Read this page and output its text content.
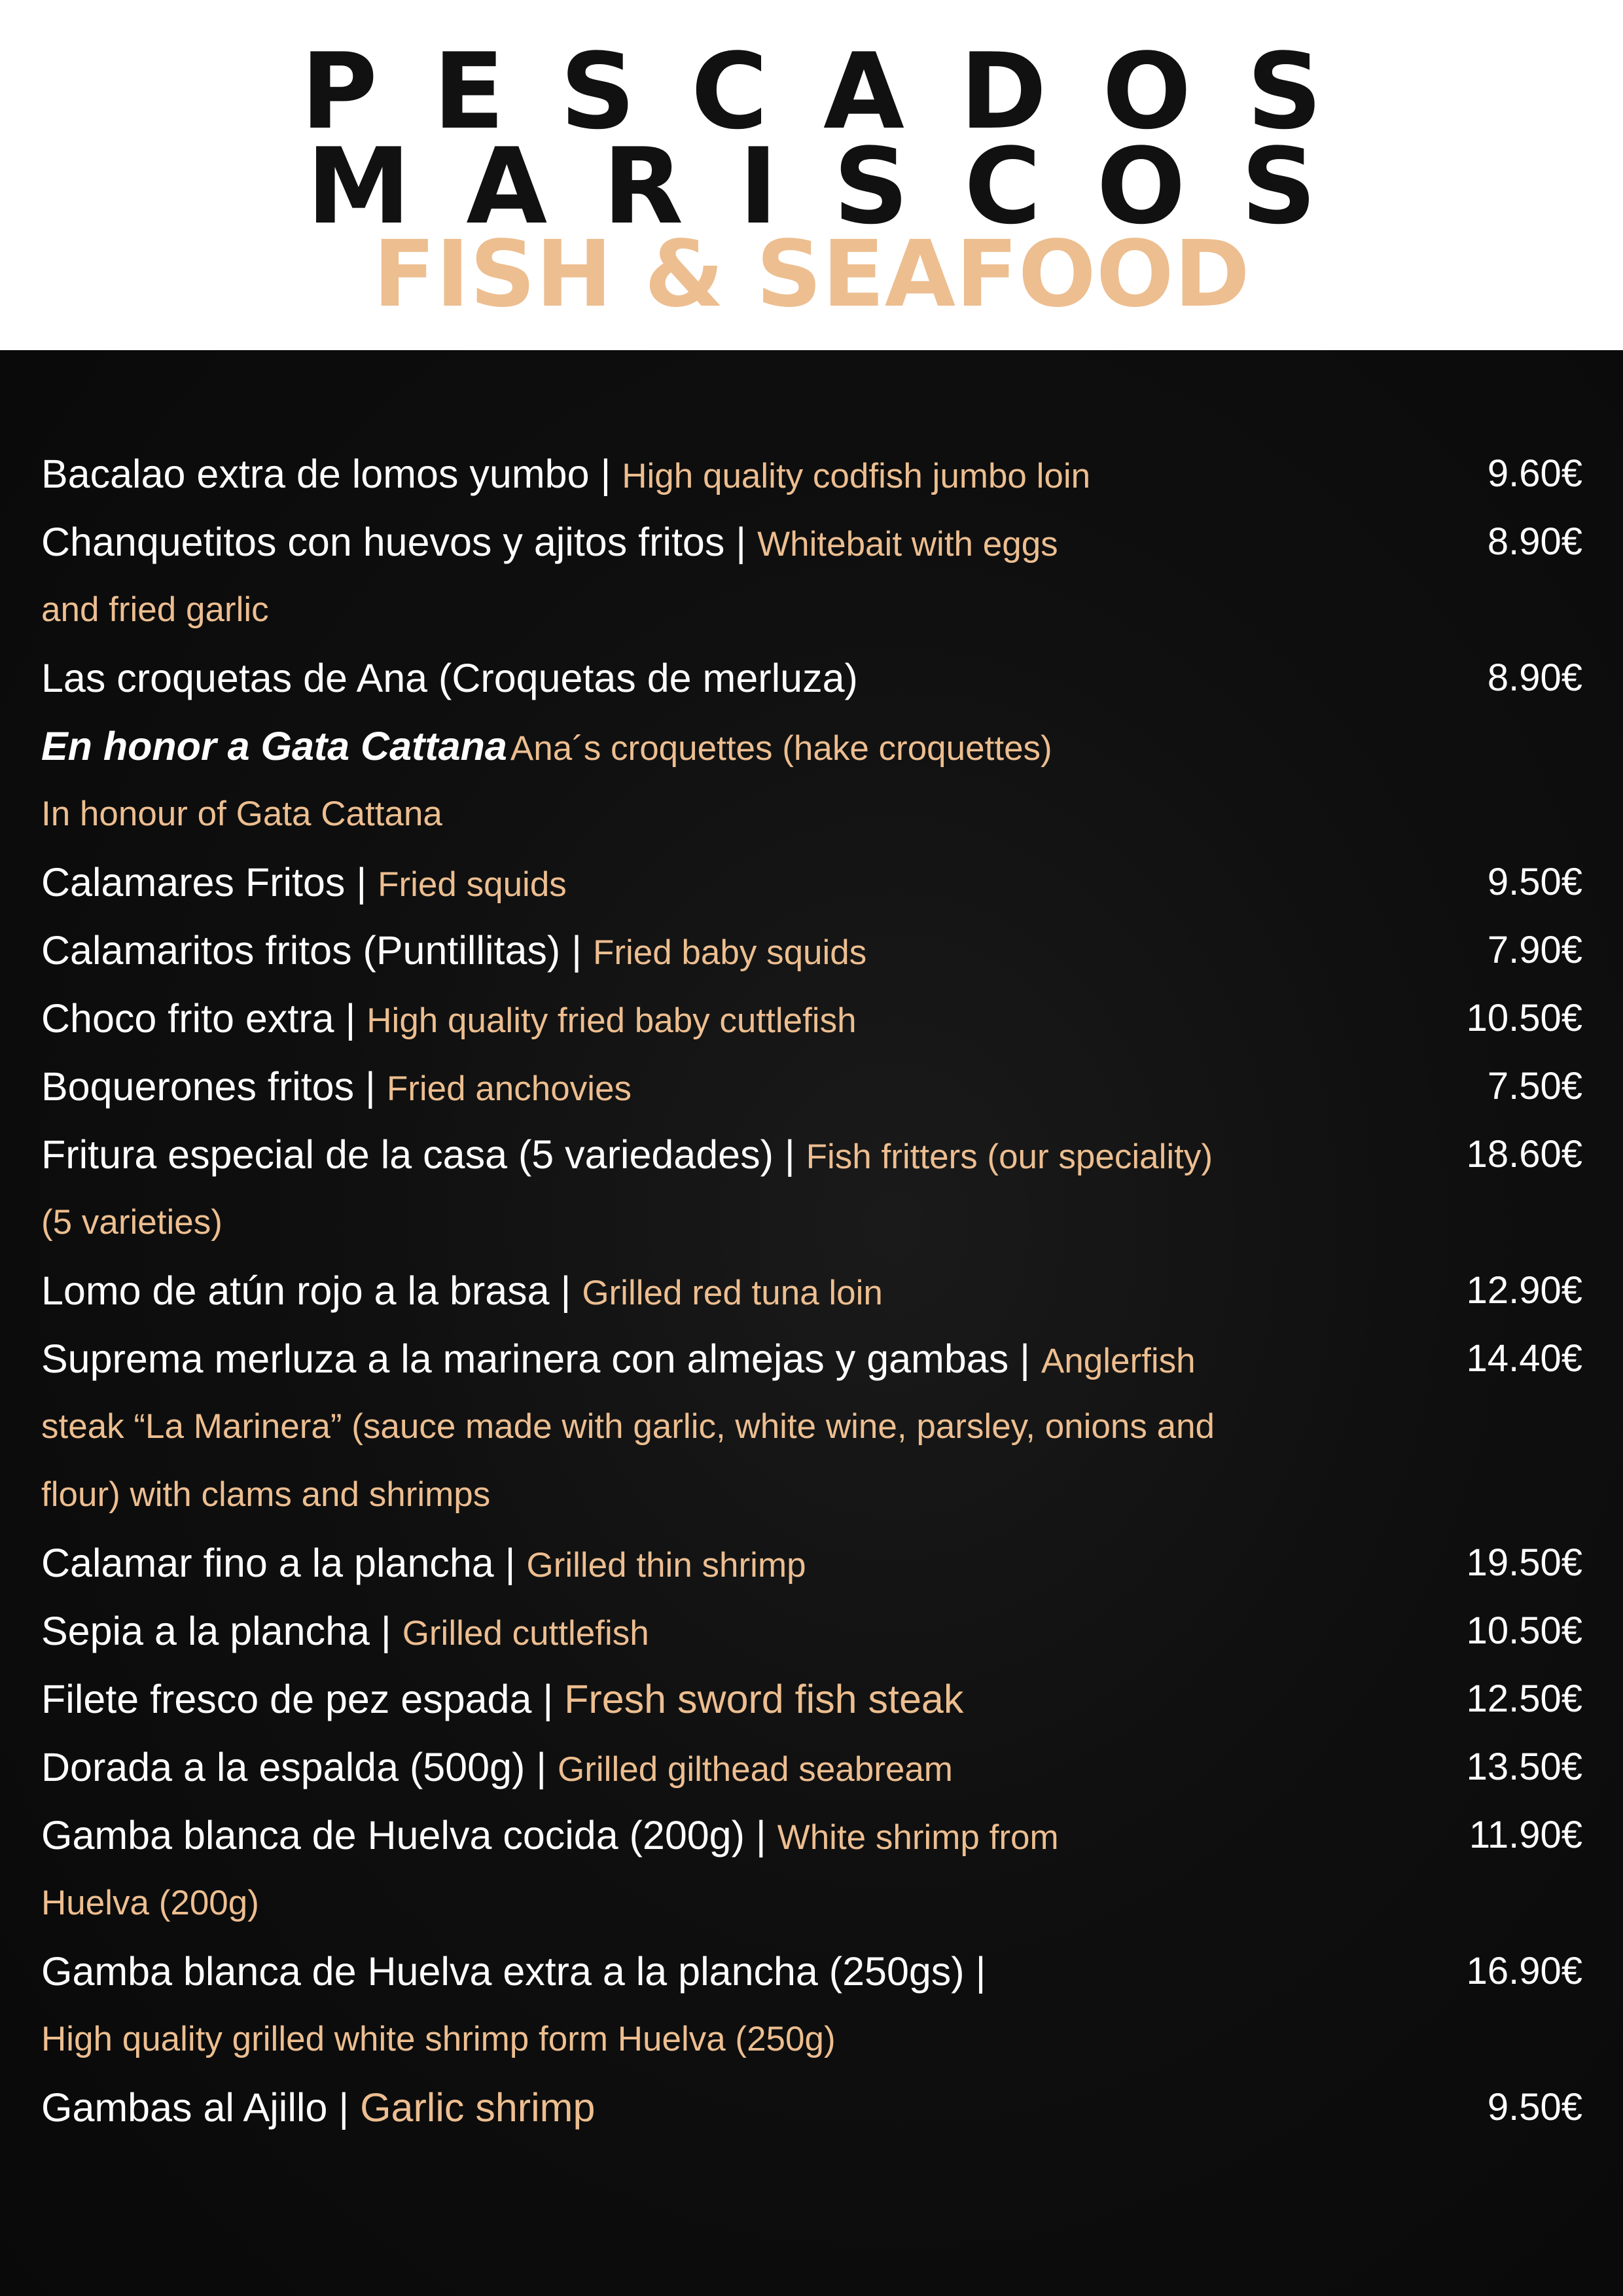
PESCADOS
MARISCOS
FISH & SEAFOOD
Bacalao extra de lomos yumbo | High quality codfish jumbo loin	9.60€
Chanquetitos con huevos y ajitos fritos | Whitebait with eggs	8.90€
and fried garlic
Las croquetas de Ana (Croquetas de merluza)	8.90€
En honor a Gata Cattana Ana´s croquettes (hake croquettes)
In honour of Gata Cattana
Calamares Fritos | Fried squids	9.50€
Calamaritos fritos (Puntillitas) | Fried baby squids	7.90€
Choco frito extra | High quality fried baby cuttlefish	10.50€
Boquerones fritos | Fried anchovies	7.50€
Fritura especial de la casa (5 variedades) | Fish fritters (our speciality)	18.60€
(5 varieties)
Lomo de atún rojo a la brasa | Grilled red tuna loin	12.90€
Suprema merluza a la marinera con almejas y gambas | Anglerfish	14.40€
steak “La Marinera” (sauce made with garlic, white wine, parsley, onions and
flour) with clams and shrimps
Calamar fino a la plancha | Grilled thin shrimp	19.50€
Sepia a la plancha | Grilled cuttlefish	10.50€
Filete fresco de pez espada | Fresh sword fish steak	12.50€
Dorada a la espalda (500g) | Grilled gilthead seabream	13.50€
Gamba blanca de Huelva cocida (200g) | White shrimp from	11.90€
Huelva (200g)
Gamba blanca de Huelva extra a la plancha (250gs) |	16.90€
High quality grilled white shrimp form Huelva (250g)
Gambas al Ajillo | Garlic shrimp	9.50€
